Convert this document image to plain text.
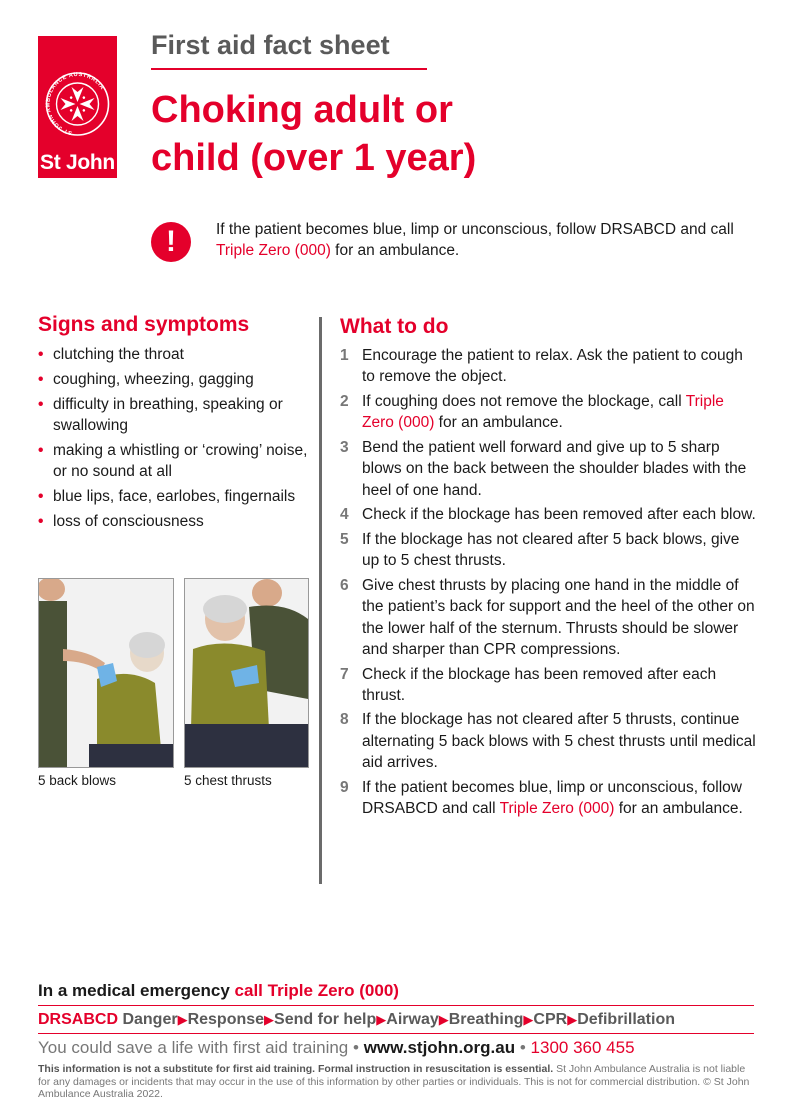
ST JOHN AMBULANCE AUSTRALIA
St John
First aid fact sheet
Choking adult or
child (over 1 year)
!	If the patient becomes blue, limp or unconscious, follow DRSABCD and call Triple Zero (000) for an ambulance.
Signs and symptoms
• clutching the throat
• coughing, wheezing, gagging
• difficulty in breathing, speaking or swallowing
• making a whistling or ‘crowing’ noise, or no sound at all
• blue lips, face, earlobes, fingernails
• loss of consciousness
5 back blows	5 chest thrusts
What to do
1 Encourage the patient to relax. Ask the patient to cough to remove the object.
2 If coughing does not remove the blockage, call Triple Zero (000) for an ambulance.
3 Bend the patient well forward and give up to 5 sharp blows on the back between the shoulder blades with the heel of one hand.
4 Check if the blockage has been removed after each blow.
5 If the blockage has not cleared after 5 back blows, give up to 5 chest thrusts.
6 Give chest thrusts by placing one hand in the middle of the patient’s back for support and the heel of the other on the lower half of the sternum. Thrusts should be slower and sharper than CPR compressions.
7 Check if the blockage has been removed after each thrust.
8 If the blockage has not cleared after 5 thrusts, continue alternating 5 back blows with 5 chest thrusts until medical aid arrives.
9 If the patient becomes blue, limp or unconscious, follow DRSABCD and call Triple Zero (000) for an ambulance.
In a medical emergency call Triple Zero (000)
DRSABCD Danger▶Response▶Send for help▶Airway▶Breathing▶CPR▶Defibrillation
You could save a life with first aid training • www.stjohn.org.au • 1300 360 455
This information is not a substitute for first aid training. Formal instruction in resuscitation is essential. St John Ambulance Australia is not liable for any damages or incidents that may occur in the use of this information by other parties or individuals. This is not for commercial distribution. © St John Ambulance Australia 2022.
